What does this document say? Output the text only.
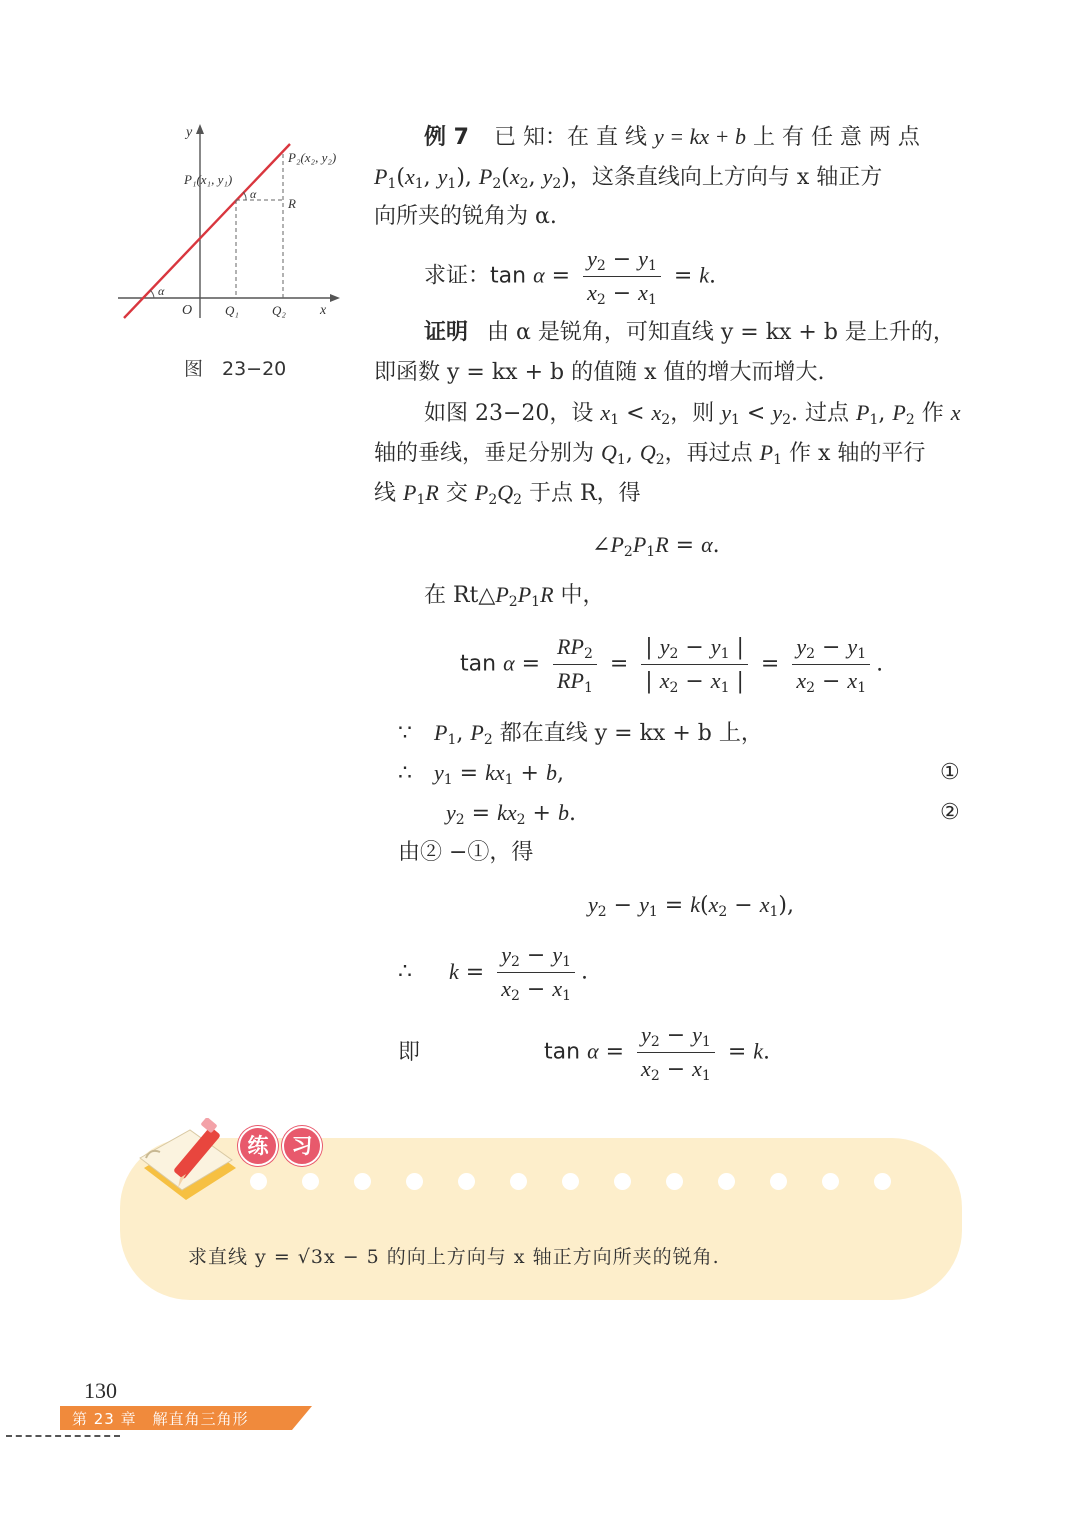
y
x
O
P₁(x₁, y₁)
P₂(x₂, y₂)
R
Q₁	Q₂
α
α
图　23−20
例 7 已 知：在 直 线 y = kx + b 上 有 任 意 两 点
$P_1(x_1$, $y_1$), $P_2(x_2$, $y_2$)，这条直线向上方向与 x 轴正方
向所夹的锐角为 α.
求证：$\tan \alpha = \frac{y_2 - y_1}{x_2 - x_1} = k$.
证明 由 α 是锐角，可知直线 y = kx + b 是上升的，
即函数 y = kx + b 的值随 x 值的增大而增大.
如图 23−20，设 $x_1 < x_2$，则 $y_1 < y_2$. 过点 $P_1$, $P_2$ 作 x
轴的垂线，垂足分别为 $Q_1$, $Q_2$，再过点 $P_1$ 作 x 轴的平行
线 $P_1R$ 交 $P_2Q_2$ 于点 R，得
$\angle P_2P_1R = \alpha$.
在 $Rt\triangle P_2P_1R$ 中，
$\tan \alpha = \frac{RP_2}{RP_1} = \frac{| y_2 - y_1 |}{| x_2 - x_1 |} = \frac{y_2 - y_1}{x_2 - x_1}$ .
∵ $P_1$, $P_2$ 都在直线 y = kx + b 上，
∴ $y_1 = kx_1 + b$,	①
$y_2 = kx_2 + b$.	②
由② −①，得
$y_2 - y_1 = k(x_2 - x_1)$,
∴ $k = \frac{y_2 - y_1}{x_2 - x_1}$ .
即	$\tan \alpha = \frac{y_2 - y_1}{x_2 - x_1} = k$.
练	习
求直线 y = √3x − 5 的向上方向与 x 轴正方向所夹的锐角.
130
第 23 章　解直角三角形
